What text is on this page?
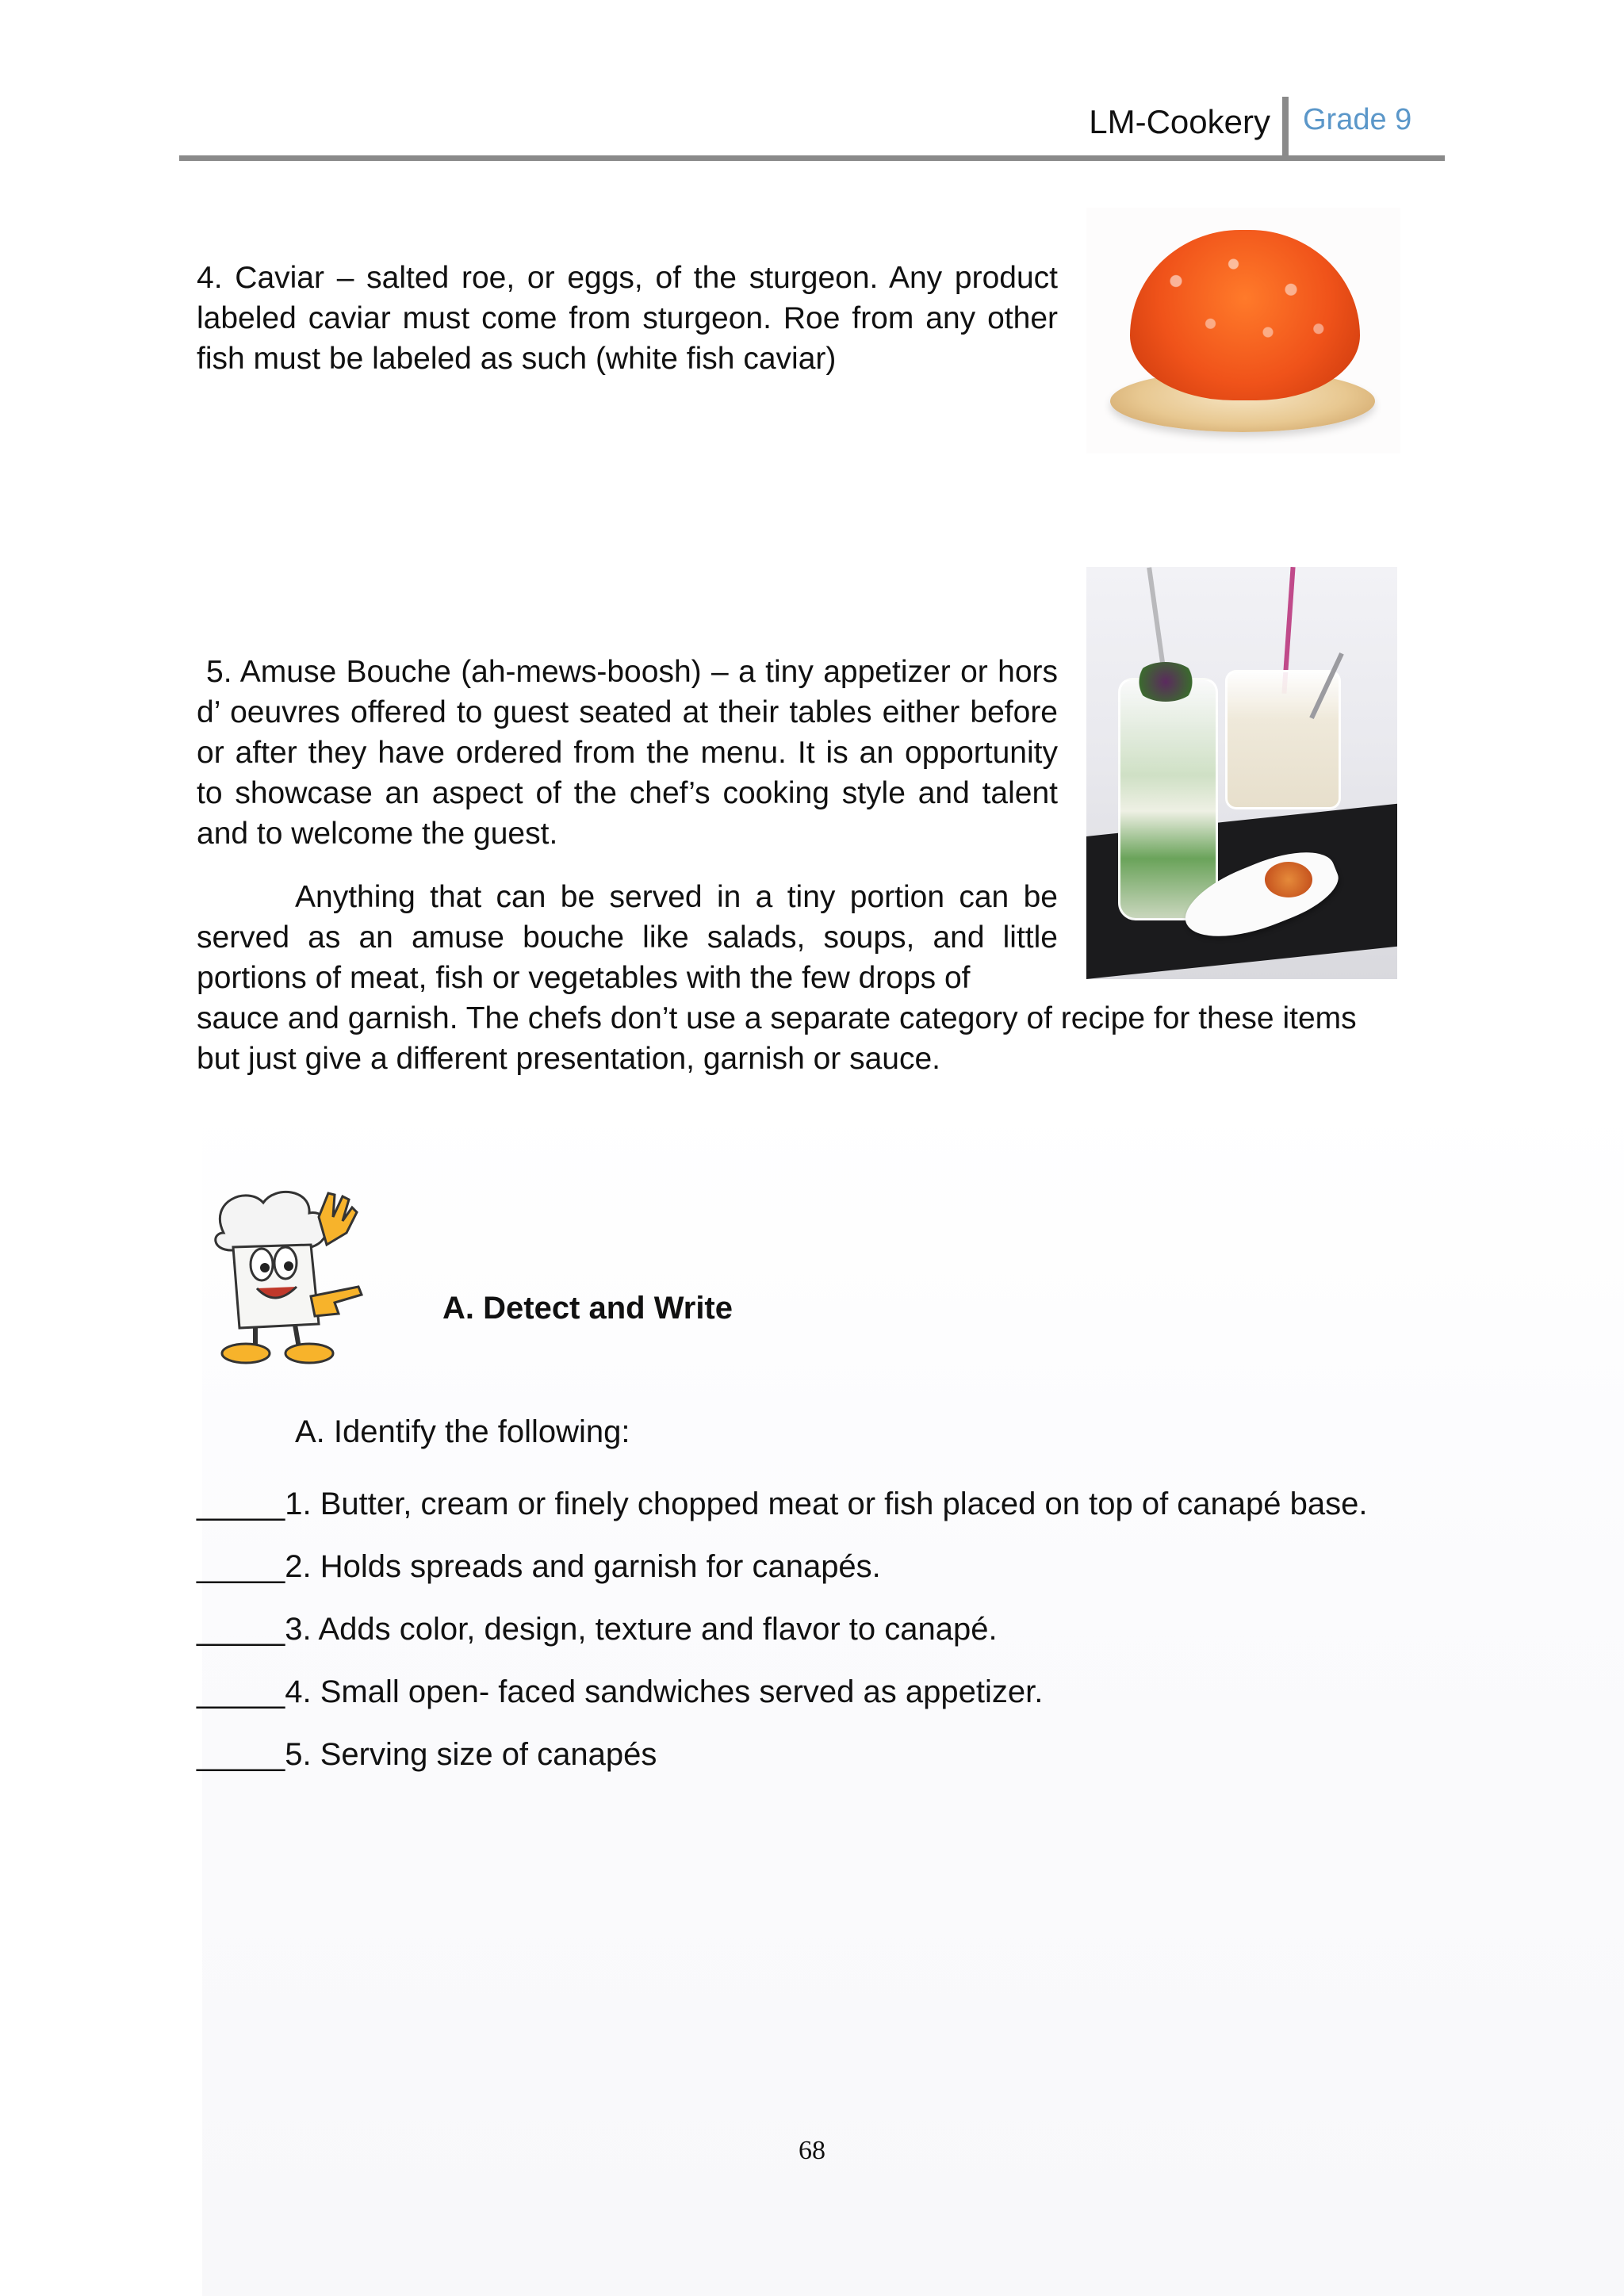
LM-Cookery Grade 9

4. Caviar – salted roe, or eggs, of the sturgeon. Any product labeled caviar must come from sturgeon. Roe from any other fish must be labeled as such (white fish caviar)

5. Amuse Bouche (ah-mews-boosh) – a tiny appetizer or hors d’ oeuvres offered to guest seated at their tables either before or after they have ordered from the menu. It is an opportunity to showcase an aspect of the chef’s cooking style and talent and to welcome the guest.

Anything that can be served in a tiny portion can be served as an amuse bouche like salads, soups, and little portions of meat, fish or vegetables with the few drops of

sauce and garnish. The chefs don’t use a separate category of recipe for these items
but just give a different presentation, garnish or sauce.
A. Detect and Write
A. Identify the following:
_____1. Butter, cream or finely chopped meat or fish placed on top of canapé base.
_____2. Holds spreads and garnish for canapés.
_____3. Adds color, design, texture and flavor to canapé.
_____4. Small open- faced sandwiches served as appetizer.
_____5. Serving size of canapés
68
